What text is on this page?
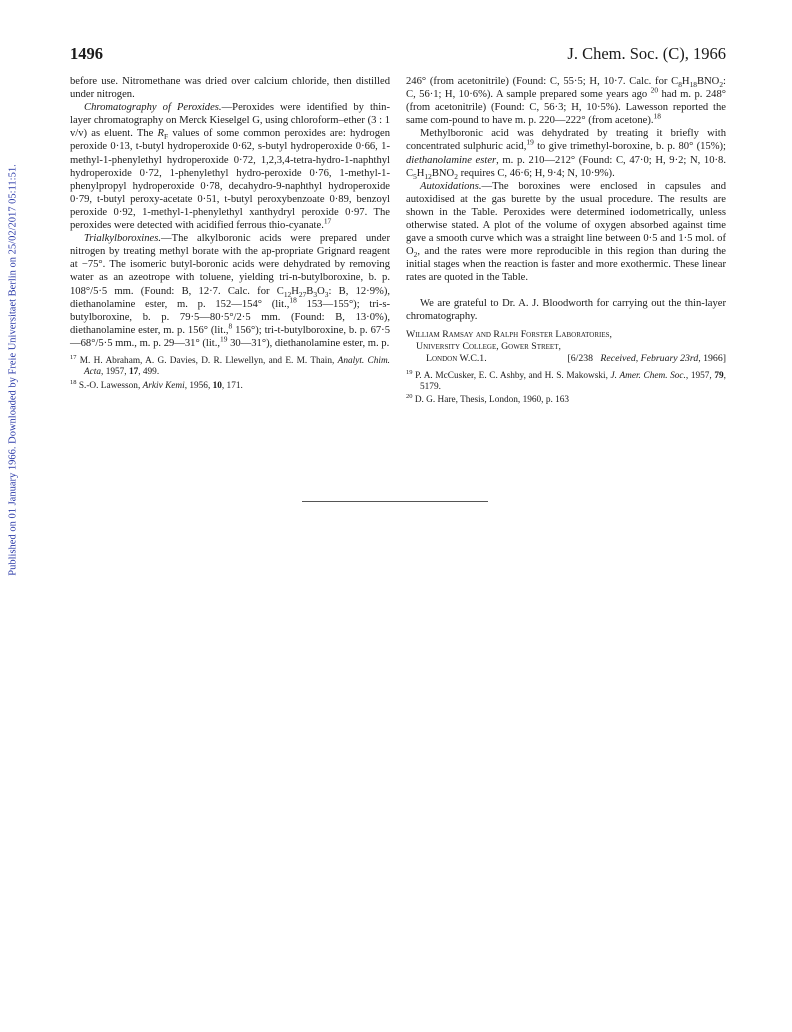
Published on 01 January 1966. Downloaded by Freie Universitaet Berlin on 25/02/2017 05:11:51.
1496	J. Chem. Soc. (C), 1966

before use. Nitromethane was dried over calcium chloride, then distilled under nitrogen.

Chromatography of Peroxides.—Peroxides were identified by thin-layer chromatography on Merck Kieselgel G, using chloroform–ether (3 : 1 v/v) as eluent. The $R_F$ values of some common peroxides are: hydrogen peroxide 0·13, t-butyl hydroperoxide 0·62, s-butyl hydroperoxide 0·66, 1-methyl-1-phenylethyl hydroperoxide 0·72, 1,2,3,4-tetra-hydro-1-naphthyl hydroperoxide 0·72, 1-phenylethyl hydro-peroxide 0·76, 1-methyl-1-phenylpropyl hydroperoxide 0·78, decahydro-9-naphthyl hydroperoxide 0·79, t-butyl peroxy-acetate 0·51, t-butyl peroxybenzoate 0·89, benzoyl peroxide 0·92, 1-methyl-1-phenylethyl xanthydryl peroxide 0·97. The peroxides were detected with acidified ferrous thio-cyanate.$^{17}$

Trialkylboroxines.—The alkylboronic acids were prepared under nitrogen by treating methyl borate with the ap-propriate Grignard reagent at −75°. The isomeric butyl-boronic acids were dehydrated by removing water as an azeotrope with toluene, yielding tri-n-butylboroxine, b. p. 108°/5·5 mm. (Found: B, 12·7. Calc. for $C_{12}H_{27}B_3O_3$: B, 12·9%), diethanolamine ester, m. p. 152—154° (lit.,$^{18}$ 153—155°); tri-s-butylboroxine, b. p. 79·5—80·5°/2·5 mm. (Found: B, 13·0%), diethanolamine ester, m. p. 156° (lit.,$^8$ 156°); tri-t-butylboroxine, b. p. 67·5—68°/5·5 mm., m. p. 29—31° (lit.,$^{19}$ 30—31°), diethanolamine ester, m. p.

$^{17}$ M. H. Abraham, A. G. Davies, D. R. Llewellyn, and E. M. Thain, Analyt. Chim. Acta, 1957, 17, 499.

$^{18}$ S.-O. Lawesson, Arkiv Kemi, 1956, 10, 171.

246° (from acetonitrile) (Found: C, 55·5; H, 10·7. Calc. for $C_8H_{18}BNO_2$: C, 56·1; H, 10·6%). A sample prepared some years ago $^{20}$ had m. p. 248° (from acetonitrile) (Found: C, 56·3; H, 10·5%). Lawesson reported the same com-pound to have m. p. 220—222° (from acetone).$^{18}$

Methylboronic acid was dehydrated by treating it briefly with concentrated sulphuric acid,$^{19}$ to give trimethyl-boroxine, b. p. 80° (15%); diethanolamine ester, m. p. 210—212° (Found: C, 47·0; H, 9·2; N, 10·8. $C_5H_{12}BNO_2$ requires C, 46·6; H, 9·4; N, 10·9%).

Autoxidations.—The boroxines were enclosed in capsules and autoxidised at the gas burette by the usual procedure. The results are shown in the Table. Peroxides were determined iodometrically, unless otherwise stated. A plot of the volume of oxygen absorbed against time gave a smooth curve which was a straight line between 0·5 and 1·5 mol. of $O_2$, and the rates were more reproducible in this region than during the initial stages when the reaction is faster and more exothermic. These linear rates are quoted in the Table.

We are grateful to Dr. A. J. Bloodworth for carrying out the thin-layer chromatography.

William Ramsay and Ralph Forster Laboratories,
University College, Gower Street,
London W.C.1.	[6/238 Received, February 23rd, 1966]

$^{19}$ P. A. McCusker, E. C. Ashby, and H. S. Makowski, J. Amer. Chem. Soc., 1957, 79, 5179.

$^{20}$ D. G. Hare, Thesis, London, 1960, p. 163
